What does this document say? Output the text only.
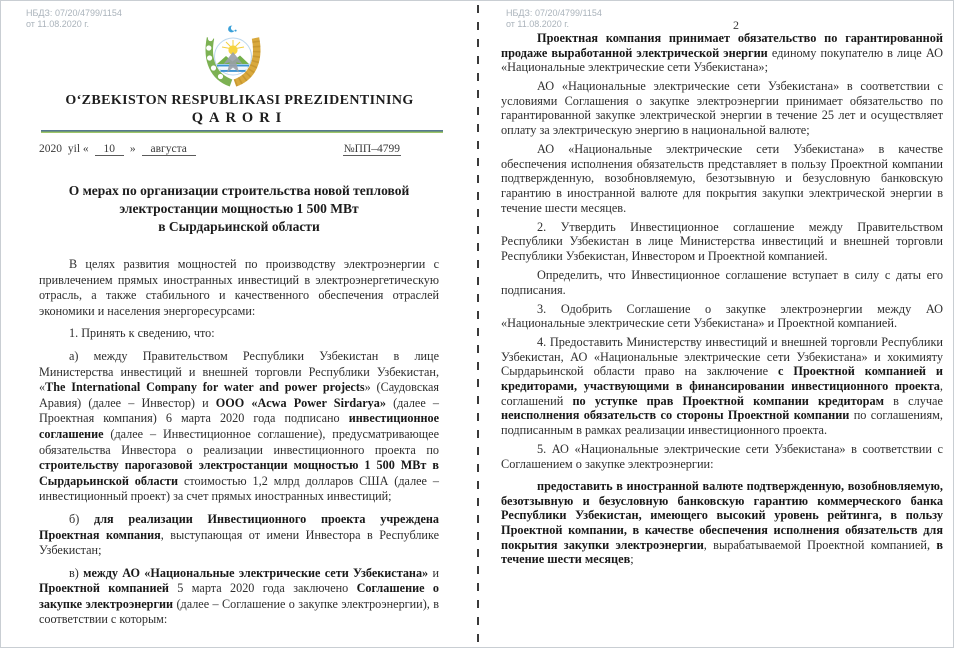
НБДЗ: 07/20/4799/1154
от 11.08.2020 г.
O‘ZBEKISTON RESPUBLIKASI PREZIDENTINING
QARORI
2020 yil « 10 » августа	№ПП–4799
О мерах по организации строительства новой тепловой
электростанции мощностью 1 500 МВт
в Сырдарьинской области

В целях развития мощностей по производству электроэнергии с привлечением прямых иностранных инвестиций в электроэнергетическую отрасль, а также стабильного и качественного обеспечения отраслей экономики и населения энергоресурсами:

1. Принять к сведению, что:

а) между Правительством Республики Узбекистан в лице Министерства инвестиций и внешней торговли Республики Узбекистан, «The International Company for water and power projects» (Саудовская Аравия) (далее – Инвестор) и ООО «Acwa Power Sirdarya» (далее – Проектная компания) 6 марта 2020 года подписано инвестиционное соглашение (далее – Инвестиционное соглашение), предусматривающее обязательства Инвестора о реализации инвестиционного проекта по строительству парогазовой электростанции мощностью 1 500 МВт в Сырдарьинской области стоимостью 1,2 млрд долларов США (далее – инвестиционный проект) за счет прямых иностранных инвестиций;

б) для реализации Инвестиционного проекта учреждена Проектная компания, выступающая от имени Инвестора в Республике Узбекистан;

в) между АО «Национальные электрические сети Узбекистана» и Проектной компанией 5 марта 2020 года заключено Соглашение о закупке электроэнергии (далее – Соглашение о закупке электроэнергии), в соответствии с которым:

НБДЗ: 07/20/4799/1154
от 11.08.2020 г.	2

Проектная компания принимает обязательство по гарантированной продаже выработанной электрической энергии единому покупателю в лице АО «Национальные электрические сети Узбекистана»;

АО «Национальные электрические сети Узбекистана» в соответствии с условиями Соглашения о закупке электроэнергии принимает обязательство по гарантированной закупке электрической энергии в течение 25 лет и осуществляет оплату за электрическую энергию в национальной валюте;

АО «Национальные электрические сети Узбекистана» в качестве обеспечения исполнения обязательств представляет в пользу Проектной компании подтвержденную, возобновляемую, безотзывную и безусловную банковскую гарантию в иностранной валюте для покрытия закупки электрической энергии в течение шести месяцев.

2. Утвердить Инвестиционное соглашение между Правительством Республики Узбекистан в лице Министерства инвестиций и внешней торговли Республики Узбекистан, Инвестором и Проектной компанией.

Определить, что Инвестиционное соглашение вступает в силу с даты его подписания.

3. Одобрить Соглашение о закупке электроэнергии между АО «Национальные электрические сети Узбекистана» и Проектной компанией.

4. Предоставить Министерству инвестиций и внешней торговли Республики Узбекистан, АО «Национальные электрические сети Узбекистана» и хокимияту Сырдарьинской области право на заключение с Проектной компанией и кредиторами, участвующими в финансировании инвестиционного проекта, соглашений по уступке прав Проектной компании кредиторам в случае неисполнения обязательств со стороны Проектной компании по соглашениям, подписанным в рамках реализации инвестиционного проекта.

5. АО «Национальные электрические сети Узбекистана» в соответствии с Соглашением о закупке электроэнергии:

предоставить в иностранной валюте подтвержденную, возобновляемую, безотзывную и безусловную банковскую гарантию коммерческого банка Республики Узбекистан, имеющего высокий уровень рейтинга, в пользу Проектной компании, в качестве обеспечения исполнения обязательств для покрытия закупки электроэнергии, вырабатываемой Проектной компанией, в течение шести месяцев;
